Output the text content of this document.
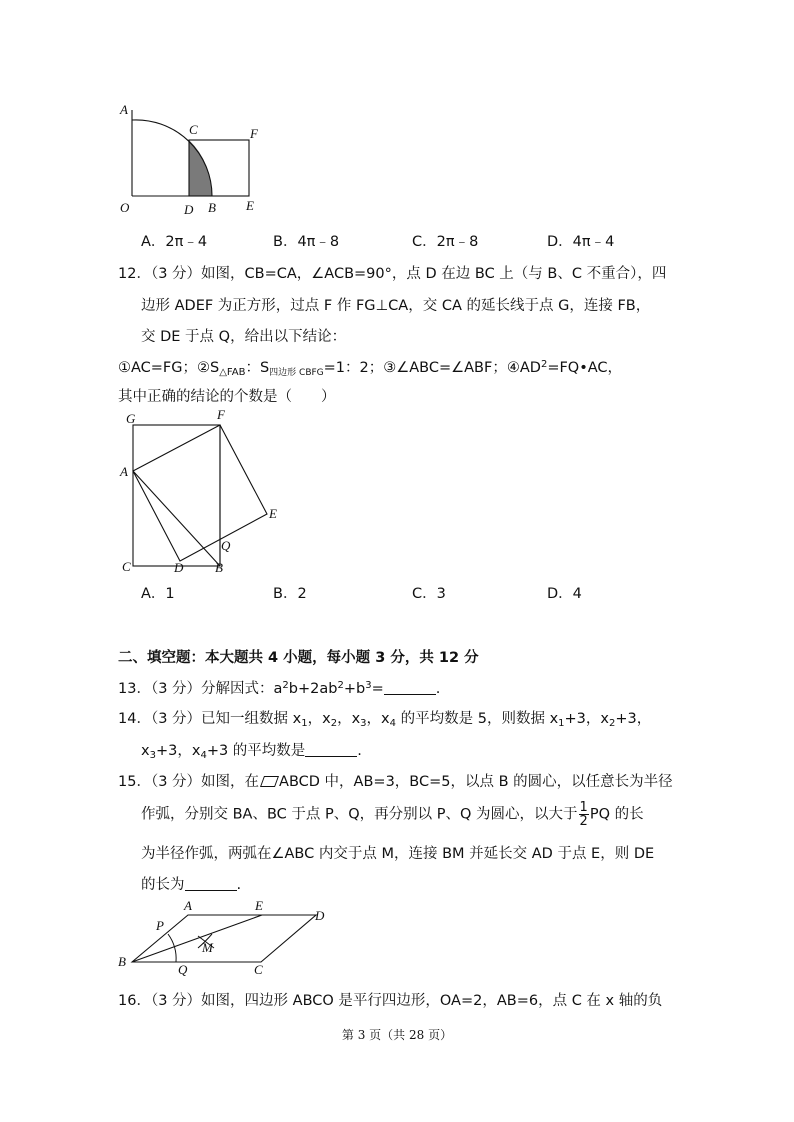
A
C	F
O	D B E
A．2π﹣4	B．4π﹣8	C．2π﹣8	D．4π﹣4
12．（3 分）如图，CB=CA，∠ACB=90°，点 D 在边 BC 上（与 B、C 不重合），四
边形 ADEF 为正方形，过点 F 作 FG⊥CA，交 CA 的延长线于点 G，连接 FB，
交 DE 于点 Q，给出以下结论：
①AC=FG；$②S_{\triangle FAB}$：$S_{四边形 CBFG}=1$：2；③∠ABC=∠ABF；$④AD^2=FQ•AC$，
其中正确的结论的个数是（　　）
G	F
A
E
Q
C	D B
A．1	B．2	C．3	D．4
二、填空题：本大题共 4 小题，每小题 3 分，共 12 分
13．（3 分）分解因式：$a^2b+2ab^2+b^3=$	.
14．（3 分）已知一组数据 $x_1$，$x_2$，$x_3$，$x_4$ 的平均数是 5，则数据 $x_1+3$，$x_2+3$，
$x_3+3$，$x_4+3$ 的平均数是	.
15．（3 分）如图，在 ABCD 中，AB=3，BC=5，以点 B 的圆心，以任意长为半径
作弧，分别交 BA、BC 于点 P、Q，再分别以 P、Q 为圆心，以大于 $\frac{1}{2}$ PQ 的长
为半径作弧，两弧在∠ABC 内交于点 M，连接 BM 并延长交 AD 于点 E，则 DE
的长为	.
A	E
D
P
M
B
Q	C
16．（3 分）如图，四边形 ABCO 是平行四边形，OA=2，AB=6，点 C 在 x 轴的负
第 3 页（共 28 页）
